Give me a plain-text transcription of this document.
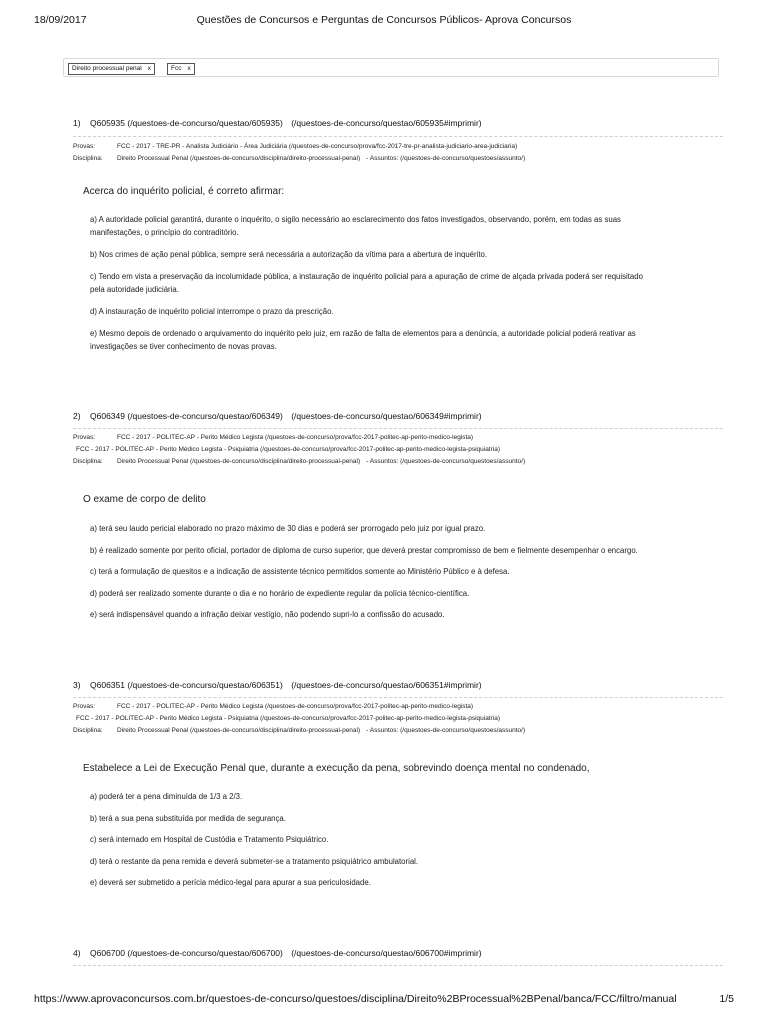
18/09/2017	Questões de Concursos e Perguntas de Concursos Públicos- Aprova Concursos
Direito processual penal x	Fcc x
1) Q605935 (/questoes-de-concurso/questao/605935) (/questoes-de-concurso/questao/605935#imprimir)
Provas:	FCC - 2017 - TRE-PR - Analista Judiciário - Área Judiciária (/questoes-de-concurso/prova/fcc-2017-tre-pr-analista-judiciario-area-judiciaria)
Disciplina: Direito Processual Penal (/questoes-de-concurso/disciplina/direito-processual-penal) - Assuntos: (/questoes-de-concurso/questoes/assunto/)
Acerca do inquérito policial, é correto afirmar:
a) A autoridade policial garantirá, durante o inquérito, o sigilo necessário ao esclarecimento dos fatos investigados, observando, porém, em todas as suas
manifestações, o princípio do contraditório.
b) Nos crimes de ação penal pública, sempre será necessária a autorização da vítima para a abertura de inquérito.
c) Tendo em vista a preservação da incolumidade pública, a instauração de inquérito policial para a apuração de crime de alçada privada poderá ser requisitado
pela autoridade judiciária.
d) A instauração de inquérito policial interrompe o prazo da prescrição.
e) Mesmo depois de ordenado o arquivamento do inquérito pelo juiz, em razão de falta de elementos para a denúncia, a autoridade policial poderá reativar as
investigações se tiver conhecimento de novas provas.
2) Q606349 (/questoes-de-concurso/questao/606349) (/questoes-de-concurso/questao/606349#imprimir)
Provas:	FCC - 2017 - POLITEC-AP - Perito Médico Legista (/questoes-de-concurso/prova/fcc-2017-politec-ap-perito-medico-legista)
FCC - 2017 - POLITEC-AP - Perito Médico Legista - Psiquiatria (/questoes-de-concurso/prova/fcc-2017-politec-ap-perito-medico-legista-psiquiatria)
Disciplina: Direito Processual Penal (/questoes-de-concurso/disciplina/direito-processual-penal) - Assuntos: (/questoes-de-concurso/questoes/assunto/)
O exame de corpo de delito
a) terá seu laudo pericial elaborado no prazo máximo de 30 dias e poderá ser prorrogado pelo juiz por igual prazo.
b) é realizado somente por perito oficial, portador de diploma de curso superior, que deverá prestar compromisso de bem e fielmente desempenhar o encargo.
c) terá a formulação de quesitos e a indicação de assistente técnico permitidos somente ao Ministério Público e à defesa.
d) poderá ser realizado somente durante o dia e no horário de expediente regular da polícia técnico-científica.
e) será indispensável quando a infração deixar vestígio, não podendo supri-lo a confissão do acusado.
3) Q606351 (/questoes-de-concurso/questao/606351) (/questoes-de-concurso/questao/606351#imprimir)
Provas:	FCC - 2017 - POLITEC-AP - Perito Médico Legista (/questoes-de-concurso/prova/fcc-2017-politec-ap-perito-medico-legista)
FCC - 2017 - POLITEC-AP - Perito Médico Legista - Psiquiatria (/questoes-de-concurso/prova/fcc-2017-politec-ap-perito-medico-legista-psiquiatria)
Disciplina: Direito Processual Penal (/questoes-de-concurso/disciplina/direito-processual-penal) - Assuntos: (/questoes-de-concurso/questoes/assunto/)
Estabelece a Lei de Execução Penal que, durante a execução da pena, sobrevindo doença mental no condenado,
a) poderá ter a pena diminuída de 1/3 a 2/3.
b) terá a sua pena substituída por medida de segurança.
c) será internado em Hospital de Custódia e Tratamento Psiquiátrico.
d) terá o restante da pena remida e deverá submeter-se a tratamento psiquiátrico ambulatorial.
e) deverá ser submetido a perícia médico-legal para apurar a sua periculosidade.
4) Q606700 (/questoes-de-concurso/questao/606700) (/questoes-de-concurso/questao/606700#imprimir)
https://www.aprovaconcursos.com.br/questoes-de-concurso/questoes/disciplina/Direito%2BProcessual%2BPenal/banca/FCC/filtro/manual	1/5
